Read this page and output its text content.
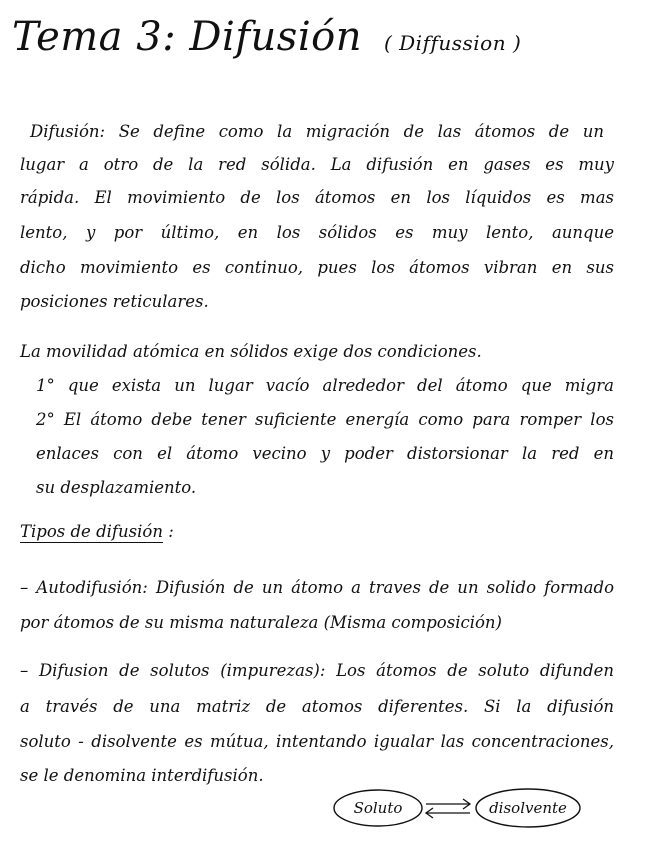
Tema 3: Difusión ( Diffussion )
Difusión: Se define como la migración de las átomos de un
lugar a otro de la red sólida. La difusión en gases es muy
rápida. El movimiento de los átomos en los líquidos es mas
lento, y por último, en los sólidos es muy lento, aunque
dicho movimiento es continuo, pues los átomos vibran en sus
posiciones reticulares.
La movilidad atómica en sólidos exige dos condiciones.
1° que exista un lugar vacío alrededor del átomo que migra
2° El átomo debe tener suficiente energía como para romper los
enlaces con el átomo vecino y poder distorsionar la red en
su desplazamiento.
Tipos de difusión :
– Autodifusión: Difusión de un átomo a traves de un solido formado
por átomos de su misma naturaleza (Misma composición)
– Difusion de solutos (impurezas): Los átomos de soluto difunden
a través de una matriz de atomos diferentes. Si la difusión
soluto - disolvente es mútua, intentando igualar las concentraciones,
se le denomina interdifusión.
Soluto	disolvente
